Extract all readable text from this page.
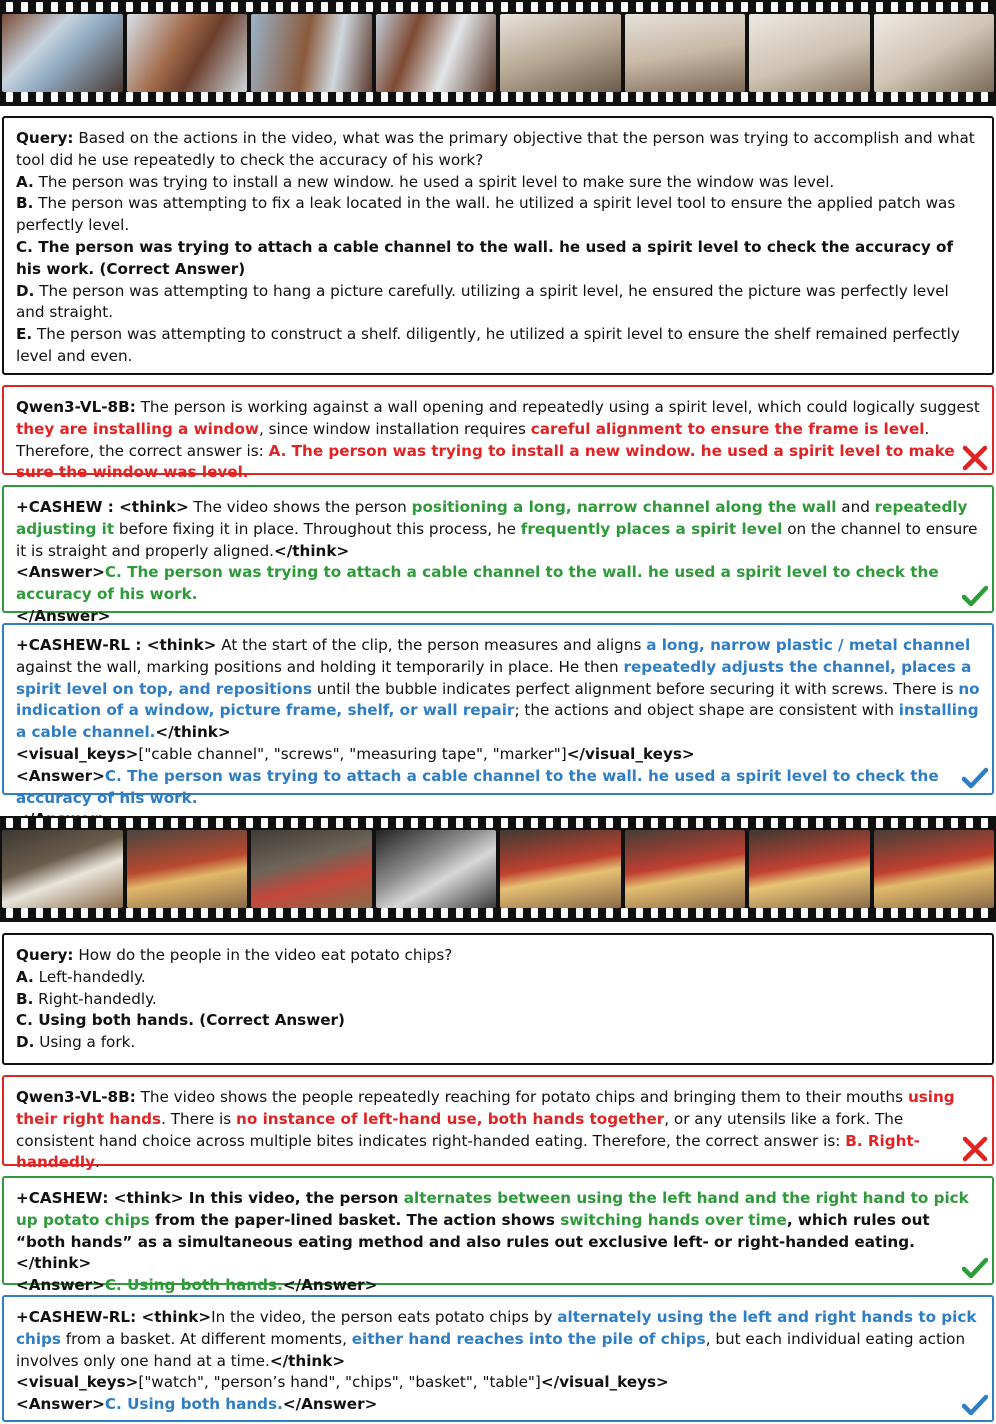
Query: Based on the actions in the video, what was the primary objective that the person was trying to accomplish and what tool did he use repeatedly to check the accuracy of his work?

A. The person was trying to install a new window. he used a spirit level to make sure the window was level.

B. The person was attempting to fix a leak located in the wall. he utilized a spirit level tool to ensure the applied patch was perfectly level.

C. The person was trying to attach a cable channel to the wall. he used a spirit level to check the accuracy of his work. (Correct Answer)

D. The person was attempting to hang a picture carefully. utilizing a spirit level, he ensured the picture was perfectly level and straight.

E. The person was attempting to construct a shelf. diligently, he utilized a spirit level to ensure the shelf remained perfectly level and even.

Qwen3-VL-8B: The person is working against a wall opening and repeatedly using a spirit level, which could logically suggest they are installing a window, since window installation requires careful alignment to ensure the frame is level. Therefore, the correct answer is: A. The person was trying to install a new window. he used a spirit level to make sure the window was level.

+CASHEW : <think> The video shows the person positioning a long, narrow channel along the wall and repeatedly adjusting it before fixing it in place. Throughout this process, he frequently places a spirit level on the channel to ensure it is straight and properly aligned.</think>

<Answer>C. The person was trying to attach a cable channel to the wall. he used a spirit level to check the accuracy of his work.

</Answer>

+CASHEW-RL : <think> At the start of the clip, the person measures and aligns a long, narrow plastic / metal channel against the wall, marking positions and holding it temporarily in place. He then repeatedly adjusts the channel, places a spirit level on top, and repositions until the bubble indicates perfect alignment before securing it with screws. There is no indication of a window, picture frame, shelf, or wall repair; the actions and object shape are consistent with installing a cable channel.</think>

<visual_keys>["cable channel", "screws", "measuring tape", "marker"]</visual_keys>

<Answer>C. The person was trying to attach a cable channel to the wall. he used a spirit level to check the accuracy of his work.

Query: How do the people in the video eat potato chips?

A. Left-handedly.

B. Right-handedly.

C. Using both hands. (Correct Answer)

D. Using a fork.

Qwen3-VL-8B: The video shows the people repeatedly reaching for potato chips and bringing them to their mouths using their right hands. There is no instance of left-hand use, both hands together, or any utensils like a fork. The consistent hand choice across multiple bites indicates right-handed eating. Therefore, the correct answer is: B. Right-handedly.

+CASHEW: <think> In this video, the person alternates between using the left hand and the right hand to pick up potato chips from the paper-lined basket. The action shows switching hands over time, which rules out “both hands” as a simultaneous eating method and also rules out exclusive left- or right-handed eating.</think>

<Answer>C. Using both hands.</Answer>

+CASHEW-RL: <think>In the video, the person eats potato chips by alternately using the left and right hands to pick chips from a basket. At different moments, either hand reaches into the pile of chips, but each individual eating action involves only one hand at a time.</think>

<visual_keys>["watch", "person’s hand", "chips", "basket", "table"]</visual_keys>

<Answer>C. Using both hands.</Answer>
